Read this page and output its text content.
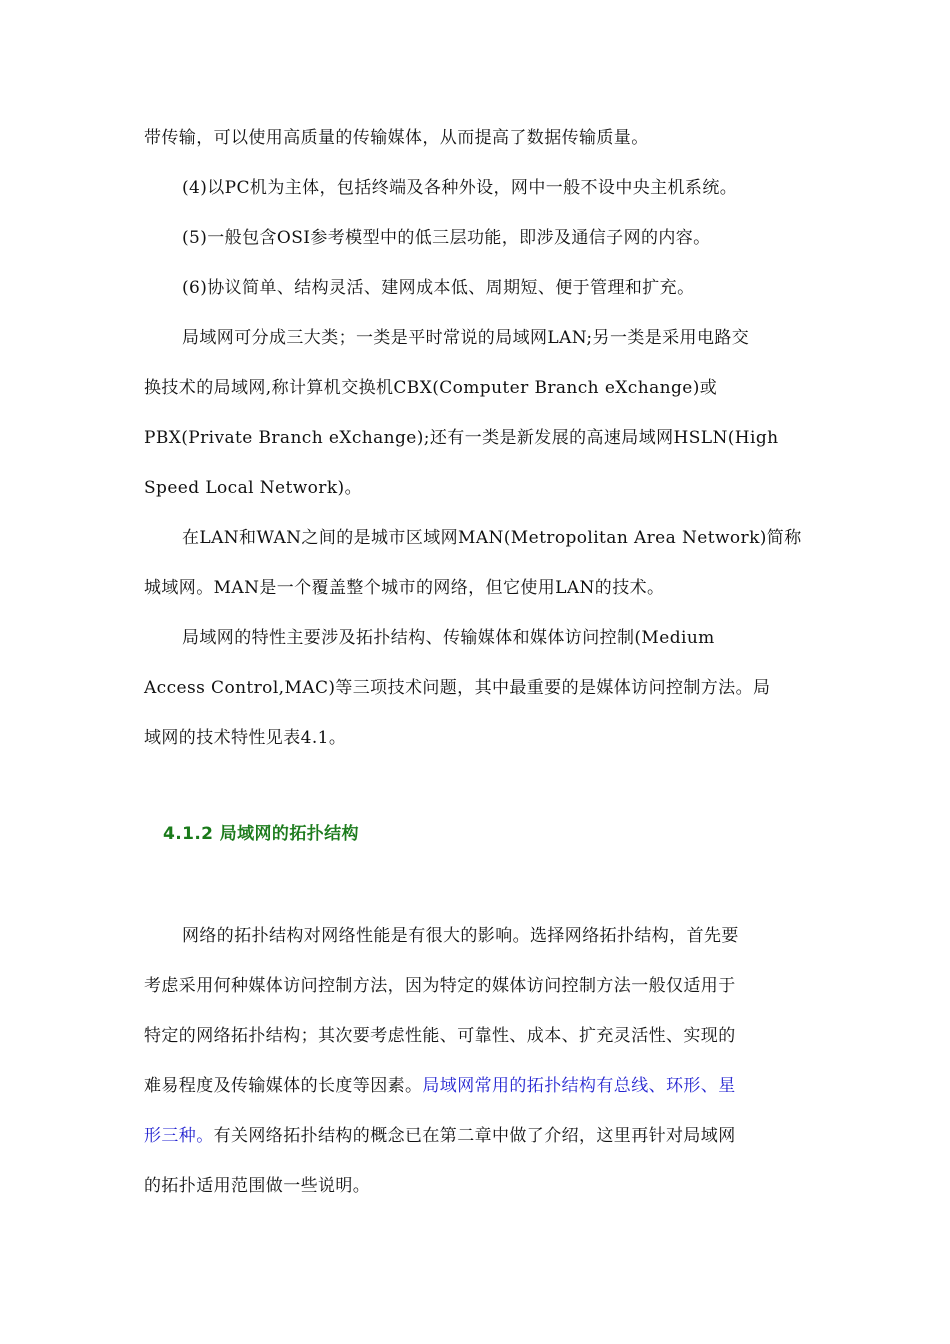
带传输，可以使用高质量的传输媒体，从而提高了数据传输质量。
(4)以PC机为主体，包括终端及各种外设，网中一般不设中央主机系统。
(5)一般包含OSI参考模型中的低三层功能，即涉及通信子网的内容。
(6)协议简单、结构灵活、建网成本低、周期短、便于管理和扩充。
局域网可分成三大类；一类是平时常说的局域网LAN;另一类是采用电路交
换技术的局域网,称计算机交换机CBX(Computer Branch eXchange)或
PBX(Private Branch eXchange);还有一类是新发展的高速局域网HSLN(High
Speed Local Network)。
在LAN和WAN之间的是城市区域网MAN(Metropolitan Area Network)简称
城域网。MAN是一个覆盖整个城市的网络，但它使用LAN的技术。
局域网的特性主要涉及拓扑结构、传输媒体和媒体访问控制(Medium
Access Control,MAC)等三项技术问题，其中最重要的是媒体访问控制方法。局
域网的技术特性见表4.1。
4.1.2 局域网的拓扑结构
网络的拓扑结构对网络性能是有很大的影响。选择网络拓扑结构，首先要
考虑采用何种媒体访问控制方法，因为特定的媒体访问控制方法一般仅适用于
特定的网络拓扑结构；其次要考虑性能、可靠性、成本、扩充灵活性、实现的
难易程度及传输媒体的长度等因素。局域网常用的拓扑结构有总线、环形、星
形三种。有关网络拓扑结构的概念已在第二章中做了介绍，这里再针对局域网
的拓扑适用范围做一些说明。
